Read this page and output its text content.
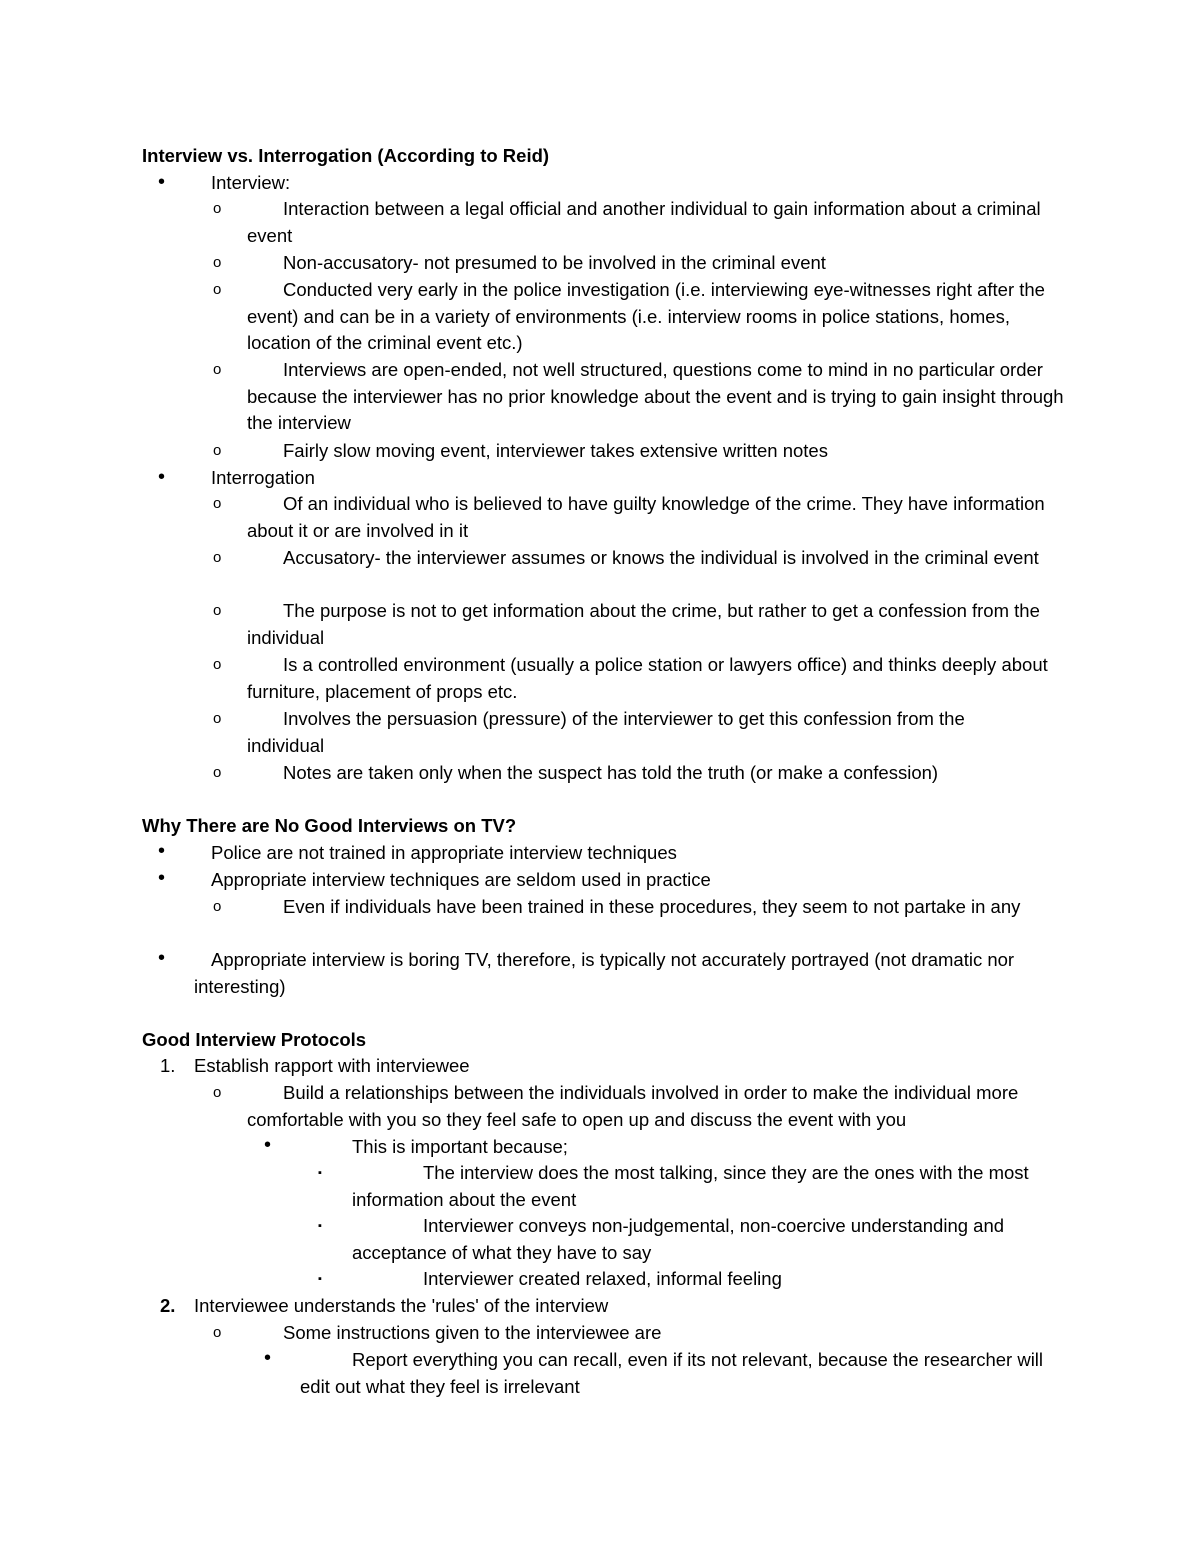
Interview vs. Interrogation (According to Reid)
• Interview:
o	Interaction between a legal official and another individual to gain information about a criminal event
o	Non-accusatory- not presumed to be involved in the criminal event
o	Conducted very early in the police investigation (i.e. interviewing eye-witnesses right after the event) and can be in a variety of environments (i.e. interview rooms in police stations, homes, location of the criminal event etc.)
o	Interviews are open-ended, not well structured, questions come to mind in no particular order because the interviewer has no prior knowledge about the event and is trying to gain insight through the interview
o	Fairly slow moving event, interviewer takes extensive written notes
• Interrogation
o	Of an individual who is believed to have guilty knowledge of the crime. They have information about it or are involved in it
o	Accusatory- the interviewer assumes or knows the individual is involved in the criminal event
o	The purpose is not to get information about the crime, but rather to get a confession from the individual
o	Is a controlled environment (usually a police station or lawyers office) and thinks deeply about furniture, placement of props etc.
o	Involves the persuasion (pressure) of the interviewer to get this confession from the individual
o	Notes are taken only when the suspect has told the truth (or make a confession)
Why There are No Good Interviews on TV?
• Police are not trained in appropriate interview techniques
• Appropriate interview techniques are seldom used in practice
o	Even if individuals have been trained in these procedures, they seem to not partake in any
•	Appropriate interview is boring TV, therefore, is typically not accurately portrayed (not dramatic nor interesting)
Good Interview Protocols
1. Establish rapport with interviewee
o	Build a relationships between the individuals involved in order to make the individual more comfortable with you so they feel safe to open up and discuss the event with you
•	This is important because;
▪	The interview does the most talking, since they are the ones with the most information about the event
▪	Interviewer conveys non-judgemental, non-coercive understanding and acceptance of what they have to say
▪	Interviewer created relaxed, informal feeling
2. Interviewee understands the 'rules' of the interview
o	Some instructions given to the interviewee are
•	Report everything you can recall, even if its not relevant, because the researcher will edit out what they feel is irrelevant
